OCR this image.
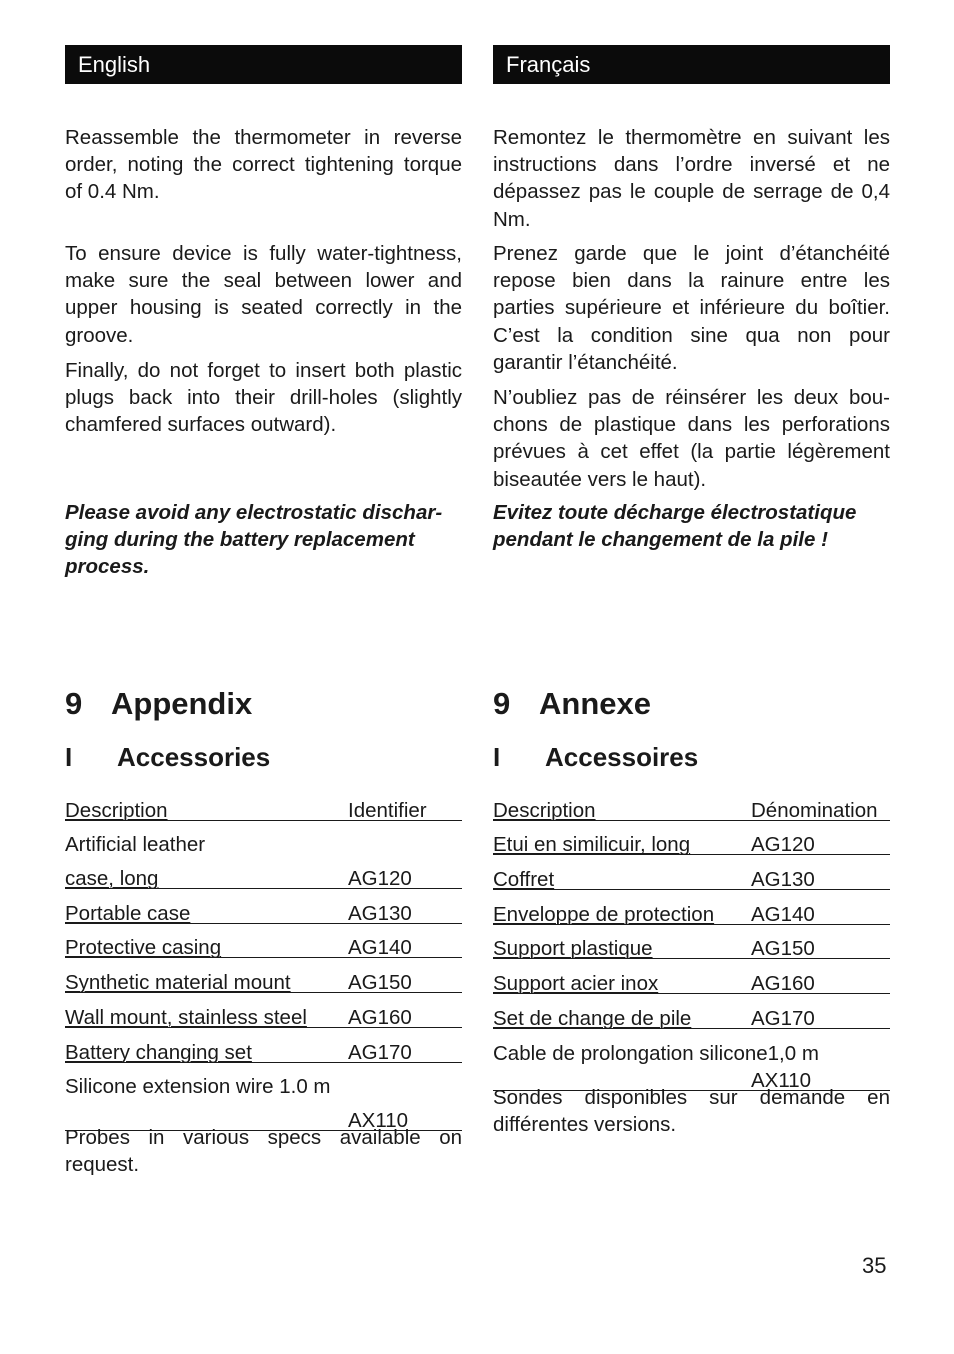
English

Reassemble the thermometer in reverse order, noting the correct tightening torque of 0.4 Nm.

To ensure device is fully water-tightness, make sure the seal between lower and upper housing is seated correctly in the groove.

Finally, do not forget to insert both plastic plugs back into their drill-holes (slightly chamfered surfaces outward).

Please avoid any electrostatic discharging during the battery replacement process.

9 Appendix
I Accessories
Description	Identifier
Artificial leather
case, long	AG120
Portable case	AG130
Protective casing	AG140
Synthetic material mount	AG150
Wall mount, stainless steel AG160
Battery changing set	AG170
Silicone extension wire 1.0 m
AX110

Probes in various specs available on request.

Français

Remontez le thermomètre en suivant les instructions dans l’ordre inversé et ne dépassez pas le couple de serrage de 0,4 Nm.

Prenez garde que le joint d’étanchéité repose bien dans la rainure entre les parties supérieure et inférieure du boîtier. C’est la condition sine qua non pour garantir l’étanchéité.

N’oubliez pas de réinsérer les deux bouchons de plastique dans les perforations prévues à cet effet (la partie légèrement biseautée vers le haut).

Evitez toute décharge électrostatique pendant le changement de la pile !

9 Annexe
I Accessoires
Description	Dénomination
Etui en similicuir, long	AG120
Coffret	AG130
Enveloppe de protection AG140
Support plastique	AG150
Support acier inox	AG160
Set de change de pile	AG170
Cable de prolongation silicone1,0 m
AX110

Sondes disponibles sur demande en différentes versions.

35
